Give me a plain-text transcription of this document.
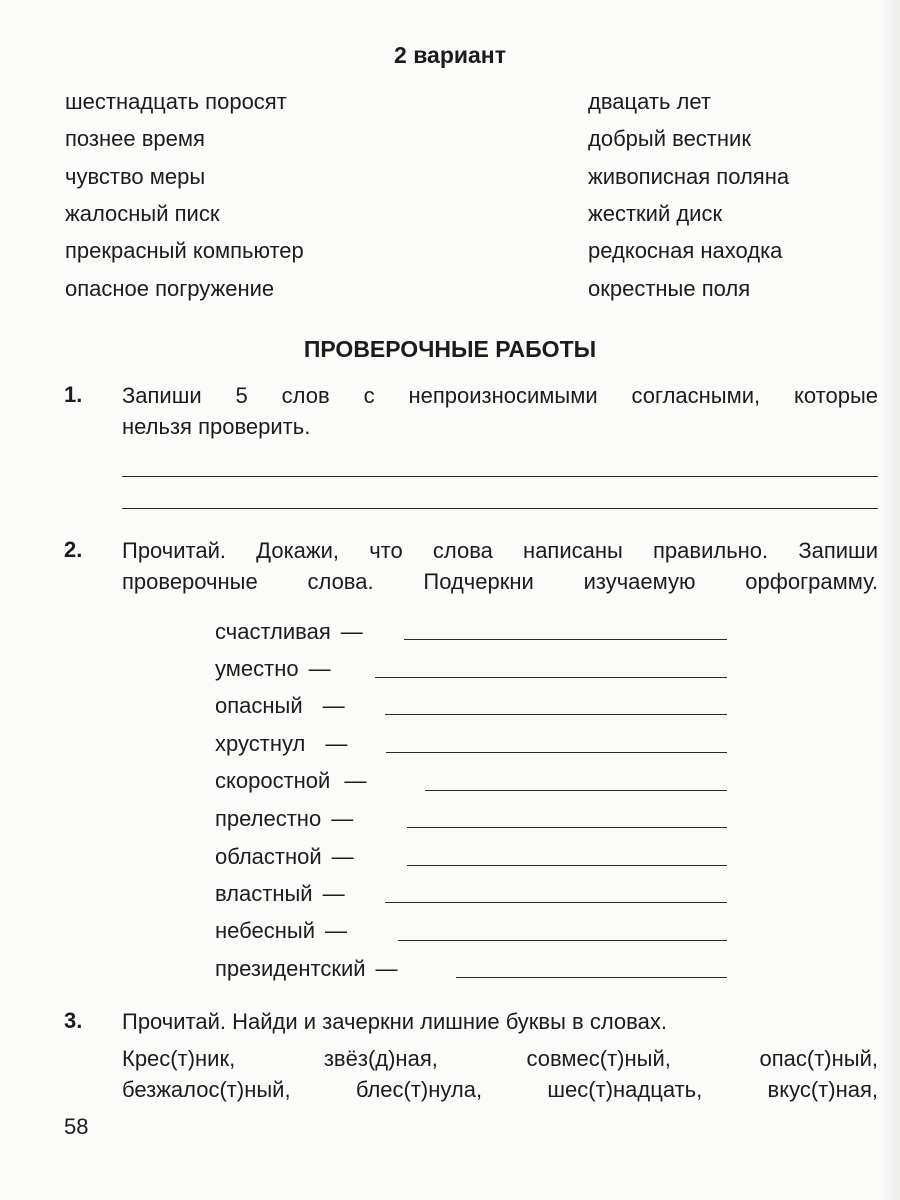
2 вариант
шестнадцать поросят
познее время
чувство меры
жалосный писк
прекрасный компьютер
опасное погружение
двацать лет
добрый вестник
живописная поляна
жесткий диск
редкосная находка
окрестные поля
ПРОВЕРОЧНЫЕ РАБОТЫ
1. Запиши 5 слов с непроизносимыми согласными, которые
нельзя проверить.
2. Прочитай. Докажи, что слова написаны правильно. Запиши
проверочные слова. Подчеркни изучаемую орфограмму.
счастливая —
уместно —
опасный —
хрустнул —
скоростной —
прелестно —
областной —
властный —
небесный —
президентский —
3. Прочитай. Найди и зачеркни лишние буквы в словах.
Крес(т)ник, звёз(д)ная, совмес(т)ный, опас(т)ный,
безжалос(т)ный, блес(т)нула, шес(т)надцать, вкус(т)ная,
58
